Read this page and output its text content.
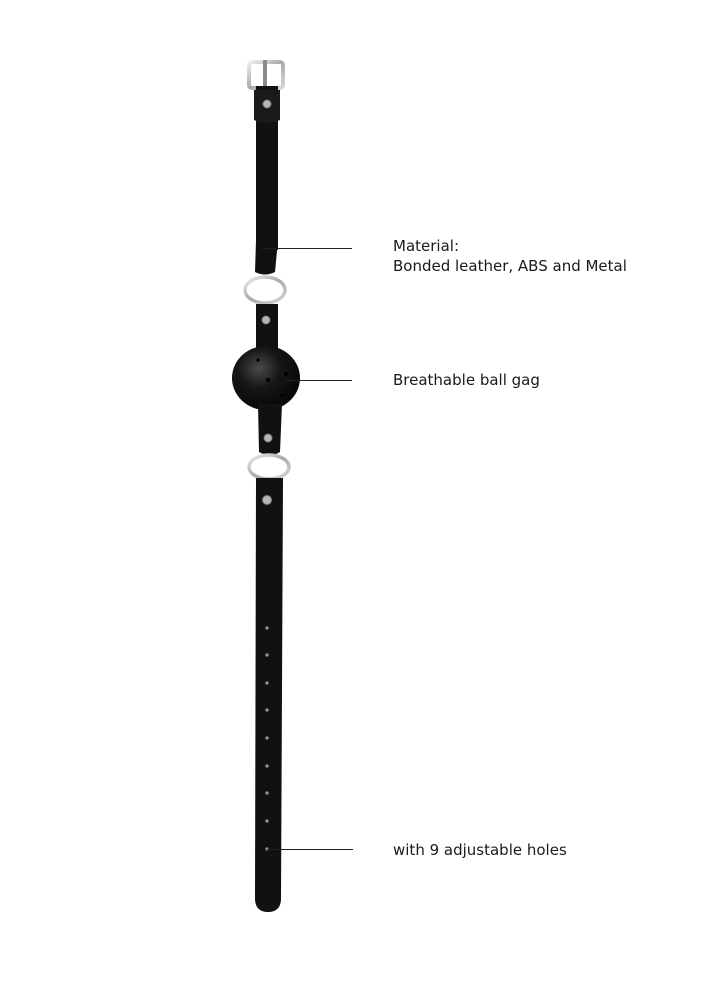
Material:
Bonded leather, ABS and Metal
Breathable ball gag
with 9 adjustable holes
